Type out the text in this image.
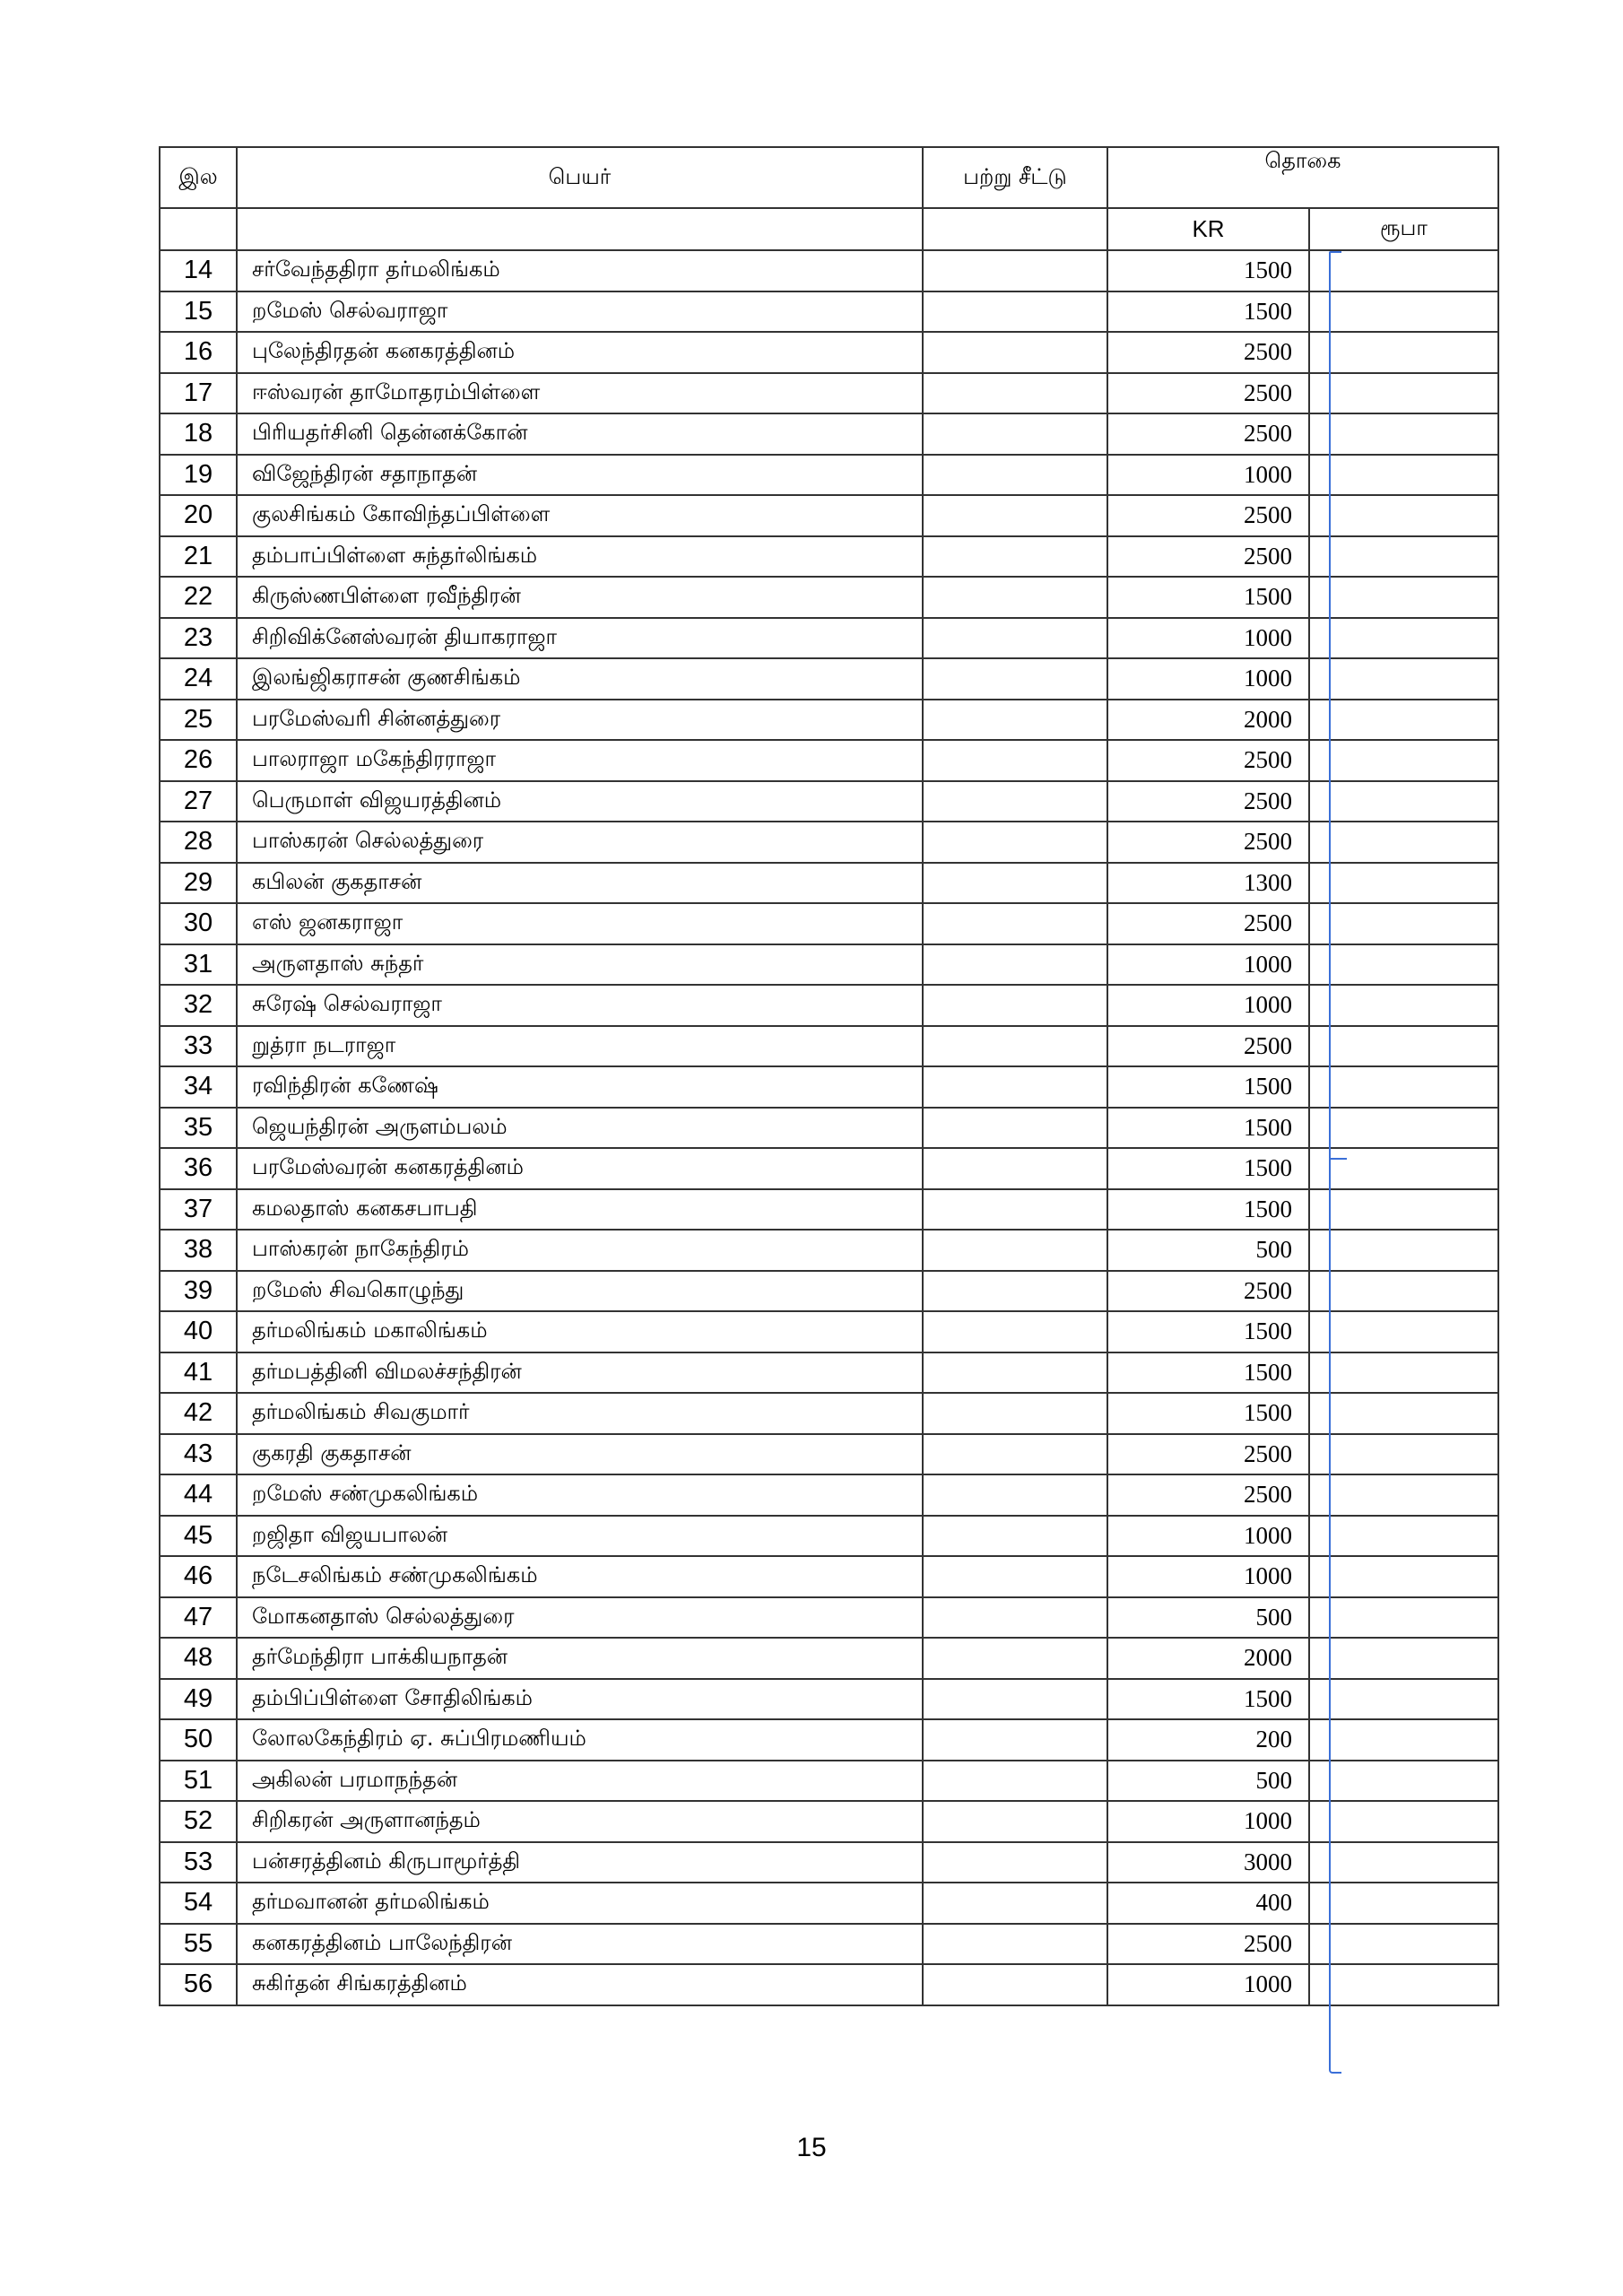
இல	பெயர்	பற்று சீட்டு	தொகை	
			KR	ரூபா
14	சர்வேந்ததிரா தர்மலிங்கம்		1500	
15	றமேஸ் செல்வராஜா		1500	
16	புலேந்திரதன் கனகரத்தினம்		2500	
17	ஈஸ்வரன் தாமோதரம்பிள்ளை		2500	
18	பிரியதர்சினி தென்னக்கோன்		2500	
19	விஜேந்திரன் சதாநாதன்		1000	
20	குலசிங்கம் கோவிந்தப்பிள்ளை		2500	
21	தம்பாப்பிள்ளை சுந்தர்லிங்கம்		2500	
22	கிருஸ்ணபிள்ளை ரவீந்திரன்		1500	
23	சிறிவிக்னேஸ்வரன் தியாகராஜா		1000	
24	இலங்ஜிகராசன் குணசிங்கம்		1000	
25	பரமேஸ்வரி சின்னத்துரை		2000	
26	பாலராஜா மகேந்திரராஜா		2500	
27	பெருமாள் விஜயரத்தினம்		2500	
28	பாஸ்கரன் செல்லத்துரை		2500	
29	கபிலன் குகதாசன்		1300	
30	எஸ் ஜனகராஜா		2500	
31	அருளதாஸ் சுந்தர்		1000	
32	சுரேஷ் செல்வராஜா		1000	
33	றுத்ரா நடராஜா		2500	
34	ரவிந்திரன் கணேஷ்		1500	
35	ஜெயந்திரன் அருளம்பலம்		1500	
36	பரமேஸ்வரன் கனகரத்தினம்		1500	
37	கமலதாஸ் கனகசபாபதி		1500	
38	பாஸ்கரன் நாகேந்திரம்		500	
39	றமேஸ் சிவகொழுந்து		2500	
40	தர்மலிங்கம் மகாலிங்கம்		1500	
41	தர்மபத்தினி விமலச்சந்திரன்		1500	
42	தர்மலிங்கம் சிவகுமார்		1500	
43	குகரதி குகதாசன்		2500	
44	றமேஸ் சண்முகலிங்கம்		2500	
45	றஜிதா விஜயபாலன்		1000	
46	நடேசலிங்கம் சண்முகலிங்கம்		1000	
47	மோகனதாஸ் செல்லத்துரை		500	
48	தர்மேந்திரா பாக்கியநாதன்		2000	
49	தம்பிப்பிள்ளை சோதிலிங்கம்		1500	
50	லோலகேந்திரம் ஏ. சுப்பிரமணியம்		200	
51	அகிலன் பரமாநந்தன்		500	
52	சிறிகரன் அருளானந்தம்		1000	
53	பன்சரத்தினம் கிருபாமூர்த்தி		3000	
54	தர்மவானன் தர்மலிங்கம்		400	
55	கனகரத்தினம் பாலேந்திரன்		2500	
56	சுகிர்தன் சிங்கரத்தினம்		1000	
15
